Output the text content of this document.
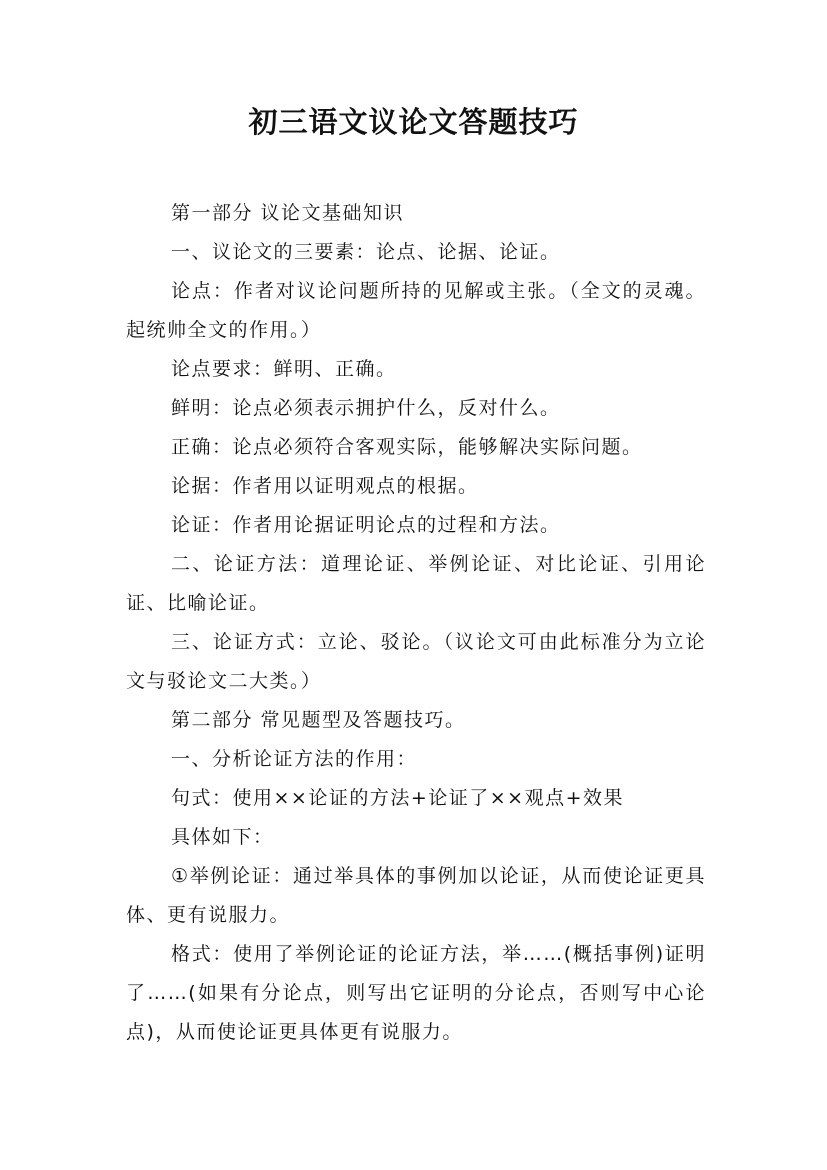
初三语文议论文答题技巧

第一部分 议论文基础知识

一、议论文的三要素：论点、论据、论证。

论点：作者对议论问题所持的见解或主张。（全文的灵魂。起统帅全文的作用。）

论点要求：鲜明、正确。

鲜明：论点必须表示拥护什么，反对什么。

正确：论点必须符合客观实际，能够解决实际问题。

论据：作者用以证明观点的根据。

论证：作者用论据证明论点的过程和方法。

二、论证方法：道理论证、举例论证、对比论证、引用论证、比喻论证。

三、论证方式：立论、驳论。（议论文可由此标准分为立论文与驳论文二大类。）

第二部分 常见题型及答题技巧。

一、分析论证方法的作用：

句式：使用××论证的方法+论证了××观点+效果

具体如下：

①举例论证：通过举具体的事例加以论证，从而使论证更具体、更有说服力。

格式：使用了举例论证的论证方法，举……(概括事例)证明了……(如果有分论点，则写出它证明的分论点，否则写中心论点)，从而使论证更具体更有说服力。
